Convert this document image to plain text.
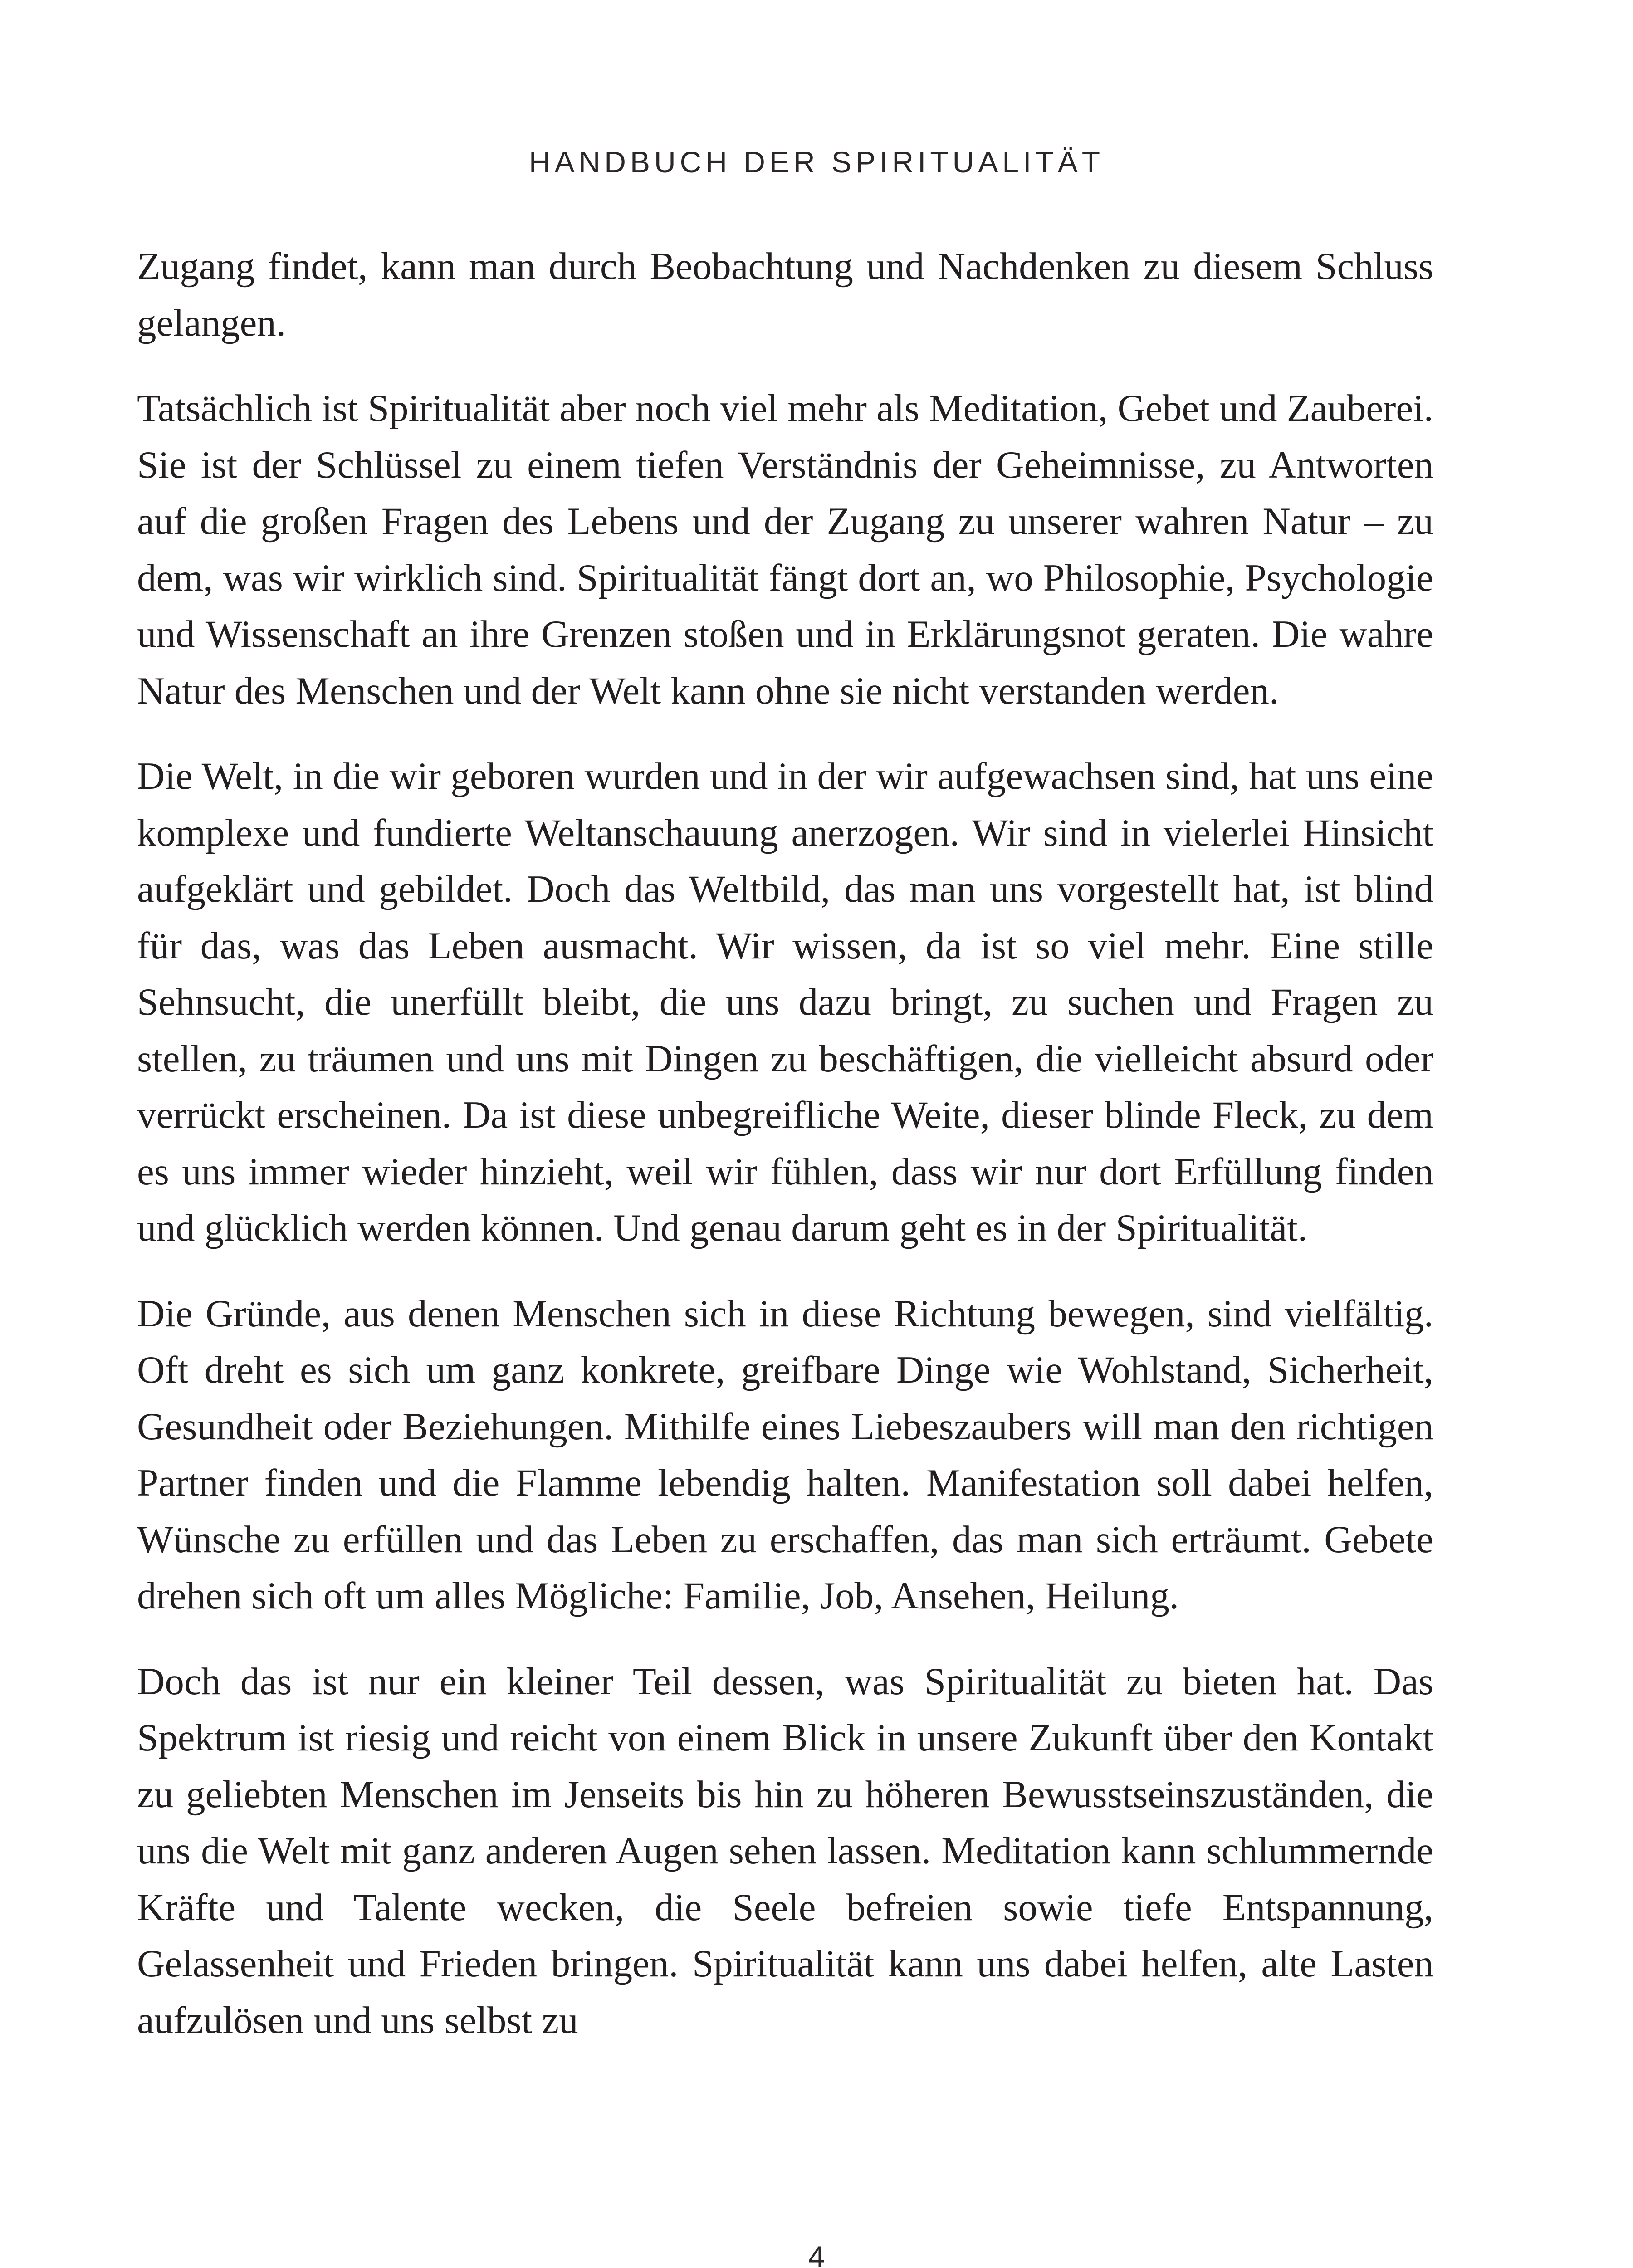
HANDBUCH DER SPIRITUALITÄT

Zugang findet, kann man durch Beobachtung und Nachdenken zu diesem Schluss gelangen.

Tatsächlich ist Spiritualität aber noch viel mehr als Meditation, Gebet und Zauberei. Sie ist der Schlüssel zu einem tiefen Verständnis der Geheimnisse, zu Antworten auf die großen Fragen des Lebens und der Zugang zu unserer wahren Natur – zu dem, was wir wirklich sind. Spiritualität fängt dort an, wo Philosophie, Psychologie und Wissenschaft an ihre Grenzen stoßen und in Erklärungsnot geraten. Die wahre Natur des Menschen und der Welt kann ohne sie nicht verstanden werden.

Die Welt, in die wir geboren wurden und in der wir aufgewachsen sind, hat uns eine komplexe und fundierte Weltanschauung anerzogen. Wir sind in vielerlei Hinsicht aufgeklärt und gebildet. Doch das Weltbild, das man uns vorgestellt hat, ist blind für das, was das Leben ausmacht. Wir wissen, da ist so viel mehr. Eine stille Sehnsucht, die unerfüllt bleibt, die uns dazu bringt, zu suchen und Fragen zu stellen, zu träumen und uns mit Dingen zu beschäftigen, die vielleicht absurd oder verrückt erscheinen. Da ist diese unbegreifliche Weite, dieser blinde Fleck, zu dem es uns immer wieder hinzieht, weil wir fühlen, dass wir nur dort Erfüllung finden und glücklich werden können. Und genau darum geht es in der Spiritualität.

Die Gründe, aus denen Menschen sich in diese Richtung bewegen, sind vielfältig. Oft dreht es sich um ganz konkrete, greifbare Dinge wie Wohlstand, Sicherheit, Gesundheit oder Beziehungen. Mithilfe eines Liebeszaubers will man den richtigen Partner finden und die Flamme lebendig halten. Manifestation soll dabei helfen, Wünsche zu erfüllen und das Leben zu erschaffen, das man sich erträumt. Gebete drehen sich oft um alles Mögliche: Familie, Job, Ansehen, Heilung.

Doch das ist nur ein kleiner Teil dessen, was Spiritualität zu bieten hat. Das Spektrum ist riesig und reicht von einem Blick in unsere Zukunft über den Kontakt zu geliebten Menschen im Jenseits bis hin zu höheren Bewusstseinszuständen, die uns die Welt mit ganz anderen Augen sehen lassen. Meditation kann schlummernde Kräfte und Talente wecken, die Seele befreien sowie tiefe Entspannung, Gelassenheit und Frieden bringen. Spiritualität kann uns dabei helfen, alte Lasten aufzulösen und uns selbst zu

4
